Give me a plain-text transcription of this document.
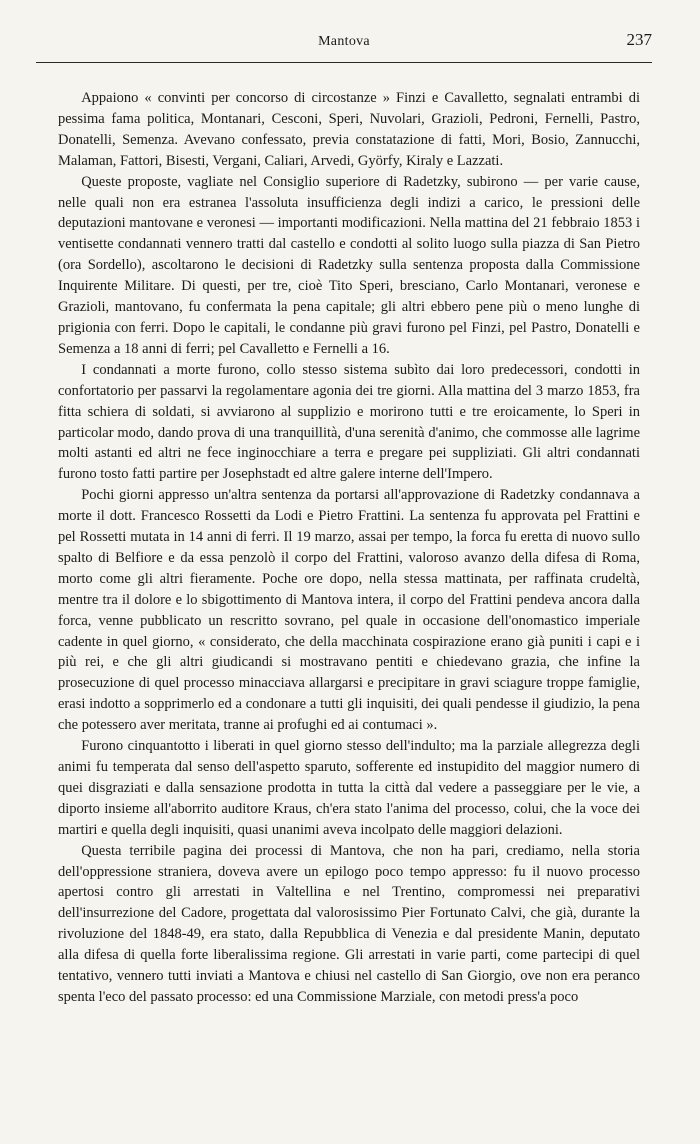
Mantova	237

Appaiono « convinti per concorso di circostanze » Finzi e Cavalletto, segnalati entrambi di pessima fama politica, Montanari, Cesconi, Speri, Nuvolari, Grazioli, Pedroni, Fernelli, Pastro, Donatelli, Semenza. Avevano confessato, previa constatazione di fatti, Mori, Bosio, Zannucchi, Malaman, Fattori, Bisesti, Vergani, Caliari, Arvedi, Györfy, Kiraly e Lazzati.

Queste proposte, vagliate nel Consiglio superiore di Radetzky, subirono — per varie cause, nelle quali non era estranea l'assoluta insufficienza degli indizi a carico, le pressioni delle deputazioni mantovane e veronesi — importanti modificazioni. Nella mattina del 21 febbraio 1853 i ventisette condannati vennero tratti dal castello e condotti al solito luogo sulla piazza di San Pietro (ora Sordello), ascoltarono le decisioni di Radetzky sulla sentenza proposta dalla Commissione Inquirente Militare. Di questi, per tre, cioè Tito Speri, bresciano, Carlo Montanari, veronese e Grazioli, mantovano, fu confermata la pena capitale; gli altri ebbero pene più o meno lunghe di prigionia con ferri. Dopo le capitali, le condanne più gravi furono pel Finzi, pel Pastro, Donatelli e Semenza a 18 anni di ferri; pel Cavalletto e Fernelli a 16.

I condannati a morte furono, collo stesso sistema subìto dai loro predecessori, condotti in confortatorio per passarvi la regolamentare agonia dei tre giorni. Alla mattina del 3 marzo 1853, fra fitta schiera di soldati, si avviarono al supplizio e morirono tutti e tre eroicamente, lo Speri in particolar modo, dando prova di una tranquillità, d'una serenità d'animo, che commosse alle lagrime molti astanti ed altri ne fece inginocchiare a terra e pregare pei suppliziati. Gli altri condannati furono tosto fatti partire per Josephstadt ed altre galere interne dell'Impero.

Pochi giorni appresso un'altra sentenza da portarsi all'approvazione di Radetzky condannava a morte il dott. Francesco Rossetti da Lodi e Pietro Frattini. La sentenza fu approvata pel Frattini e pel Rossetti mutata in 14 anni di ferri. Il 19 marzo, assai per tempo, la forca fu eretta di nuovo sullo spalto di Belfiore e da essa penzolò il corpo del Frattini, valoroso avanzo della difesa di Roma, morto come gli altri fieramente. Poche ore dopo, nella stessa mattinata, per raffinata crudeltà, mentre tra il dolore e lo sbigottimento di Mantova intera, il corpo del Frattini pendeva ancora dalla forca, venne pubblicato un rescritto sovrano, pel quale in occasione dell'onomastico imperiale cadente in quel giorno, « considerato, che della macchinata cospirazione erano già puniti i capi e i più rei, e che gli altri giudicandi si mostravano pentiti e chiedevano grazia, che infine la prosecuzione di quel processo minacciava allargarsi e precipitare in gravi sciagure troppe famiglie, erasi indotto a sopprimerlo ed a condonare a tutti gli inquisiti, dei quali pendesse il giudizio, la pena che potessero aver meritata, tranne ai profughi ed ai contumaci ».

Furono cinquantotto i liberati in quel giorno stesso dell'indulto; ma la parziale allegrezza degli animi fu temperata dal senso dell'aspetto sparuto, sofferente ed instupidito del maggior numero di quei disgraziati e dalla sensazione prodotta in tutta la città dal vedere a passeggiare per le vie, a diporto insieme all'aborrito auditore Kraus, ch'era stato l'anima del processo, colui, che la voce dei martiri e quella degli inquisiti, quasi unanimi aveva incolpato delle maggiori delazioni.

Questa terribile pagina dei processi di Mantova, che non ha pari, crediamo, nella storia dell'oppressione straniera, doveva avere un epilogo poco tempo appresso: fu il nuovo processo apertosi contro gli arrestati in Valtellina e nel Trentino, compromessi nei preparativi dell'insurrezione del Cadore, progettata dal valorosissimo Pier Fortunato Calvi, che già, durante la rivoluzione del 1848-49, era stato, dalla Repubblica di Venezia e dal presidente Manin, deputato alla difesa di quella forte liberalissima regione. Gli arrestati in varie parti, come partecipi di quel tentativo, vennero tutti inviati a Mantova e chiusi nel castello di San Giorgio, ove non era peranco spenta l'eco del passato processo: ed una Commissione Marziale, con metodi press'a poco
